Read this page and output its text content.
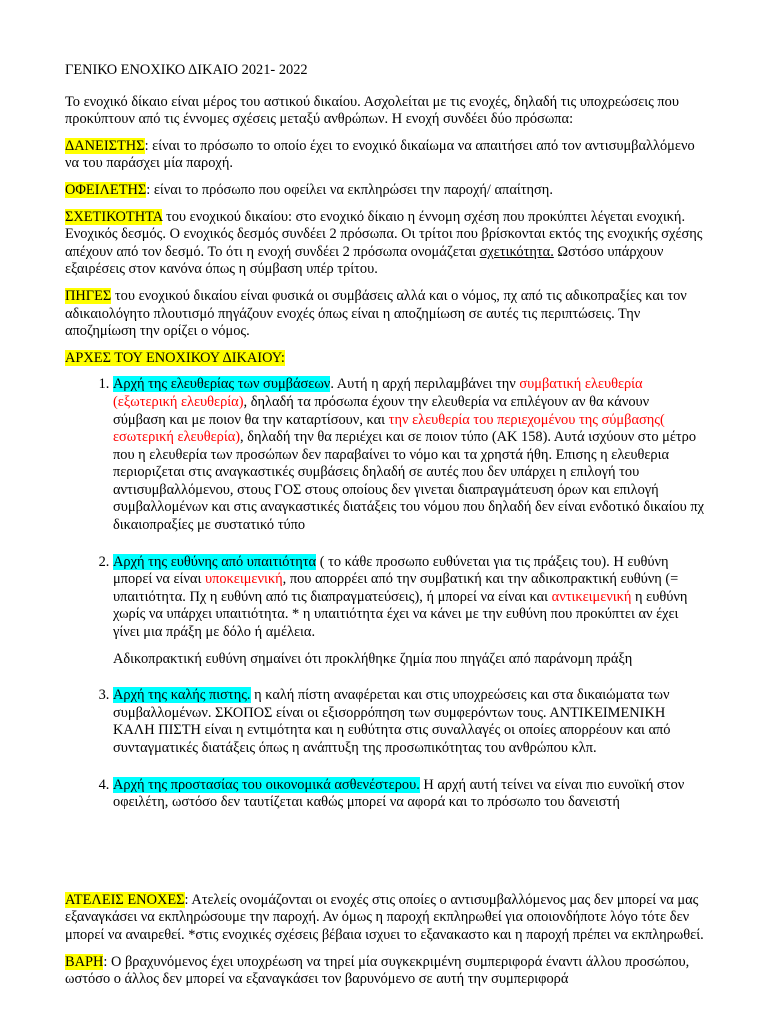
ΓΕΝΙΚΟ ΕΝΟΧΙΚΟ ΔΙΚΑΙΟ 2021- 2022

Το ενοχικό δίκαιο είναι μέρος του αστικού δικαίου. Ασχολείται με τις ενοχές, δηλαδή τις υποχρεώσεις που προκύπτουν από τις έννομες σχέσεις μεταξύ ανθρώπων. Η ενοχή συνδέει δύο πρόσωπα:

ΔΑΝΕΙΣΤΗΣ: είναι το πρόσωπο το οποίο έχει το ενοχικό δικαίωμα να απαιτήσει από τον αντισυμβαλλόμενο να του παράσχει μία παροχή.

ΟΦΕΙΛΕΤΗΣ: είναι το πρόσωπο που οφείλει να εκπληρώσει την παροχή/ απαίτηση.

ΣΧΕΤΙΚΟΤΗΤΑ του ενοχικού δικαίου: στο ενοχικό δίκαιο η έννομη σχέση που προκύπτει λέγεται ενοχική. Ενοχικός δεσμός. Ο ενοχικός δεσμός συνδέει 2 πρόσωπα. Οι τρίτοι που βρίσκονται εκτός της ενοχικής σχέσης απέχουν από τον δεσμό. Το ότι η ενοχή συνδέει 2 πρόσωπα ονομάζεται σχετικότητα. Ωστόσο υπάρχουν εξαιρέσεις στον κανόνα όπως η σύμβαση υπέρ τρίτου.

ΠΗΓΕΣ του ενοχικού δικαίου είναι φυσικά οι συμβάσεις αλλά και ο νόμος, πχ από τις αδικοπραξίες και τον αδικαιολόγητο πλουτισμό πηγάζουν ενοχές όπως είναι η αποζημίωση σε αυτές τις περιπτώσεις. Την αποζημίωση την ορίζει ο νόμος.

ΑΡΧΕΣ ΤΟΥ ΕΝΟΧΙΚΟΥ ΔΙΚΑΙΟΥ:

1. Αρχή της ελευθερίας των συμβάσεων. Αυτή η αρχή περιλαμβάνει την συμβατική ελευθερία (εξωτερική ελευθερία), δηλαδή τα πρόσωπα έχουν την ελευθερία να επιλέγουν αν θα κάνουν σύμβαση και με ποιον θα την καταρτίσουν, και την ελευθερία του περιεχομένου της σύμβασης( εσωτερική ελευθερία), δηλαδή την θα περιέχει και σε ποιον τύπο (ΑΚ 158). Αυτά ισχύουν στο μέτρο που η ελευθερία των προσώπων δεν παραβαίνει το νόμο και τα χρηστά ήθη. Επισης η ελευθερια περιοριζεται στις αναγκαστικές συμβάσεις δηλαδή σε αυτές που δεν υπάρχει η επιλογή του αντισυμβαλλόμενου, στους ΓΟΣ στους οποίους δεν γινεται διαπραγμάτευση όρων και επιλογή συμβαλλομένων και στις αναγκαστικές διατάξεις του νόμου που δηλαδή δεν είναι ενδοτικό δικαίου πχ δικαιοπραξίες με συστατικό τύπο
2. Αρχή της ευθύνης από υπαιτιότητα ( το κάθε προσωπο ευθύνεται για τις πράξεις του). Η ευθύνη μπορεί να είναι υποκειμενική, που απορρέει από την συμβατική και την αδικοπρακτική ευθύνη (= υπαιτιότητα. Πχ η ευθύνη από τις διαπραγματεύσεις), ή μπορεί να είναι και αντικειμενική η ευθύνη χωρίς να υπάρχει υπαιτιότητα. * η υπαιτιότητα έχει να κάνει με την ευθύνη που προκύπτει αν έχει γίνει μια πράξη με δόλο ή αμέλεια.

Αδικοπρακτική ευθύνη σημαίνει ότι προκλήθηκε ζημία που πηγάζει από παράνομη πράξη

3. Αρχή της καλής πιστης. η καλή πίστη αναφέρεται και στις υποχρεώσεις και στα δικαιώματα των συμβαλλομένων. ΣΚΟΠΟΣ είναι οι εξισορρόπηση των συμφερόντων τους. ΑΝΤΙΚΕΙΜΕΝΙΚΗ ΚΑΛΗ ΠΙΣΤΗ είναι η εντιμότητα και η ευθύτητα στις συναλλαγές οι οποίες απορρέουν και από συνταγματικές διατάξεις όπως η ανάπτυξη της προσωπικότητας του ανθρώπου κλπ.
4. Αρχή της προστασίας του οικονομικά ασθενέστερου. Η αρχή αυτή τείνει να είναι πιο ευνοϊκή στον οφειλέτη, ωστόσο δεν ταυτίζεται καθώς μπορεί να αφορά και το πρόσωπο του δανειστή

ΑΤΕΛΕΙΣ ΕΝΟΧΕΣ: Ατελείς ονομάζονται οι ενοχές στις οποίες ο αντισυμβαλλόμενος μας δεν μπορεί να μας εξαναγκάσει να εκπληρώσουμε την παροχή. Αν όμως η παροχή εκπληρωθεί για οποιονδήποτε λόγο τότε δεν μπορεί να αναιρεθεί. *στις ενοχικές σχέσεις βέβαια ισχυει το εξανακαστο και η παροχή πρέπει να εκπληρωθεί.

ΒΑΡΗ: Ο βραχυνόμενος έχει υποχρέωση να τηρεί μία συγκεκριμένη συμπεριφορά έναντι άλλου προσώπου, ωστόσο ο άλλος δεν μπορεί να εξαναγκάσει τον βαρυνόμενο σε αυτή την συμπεριφορά
